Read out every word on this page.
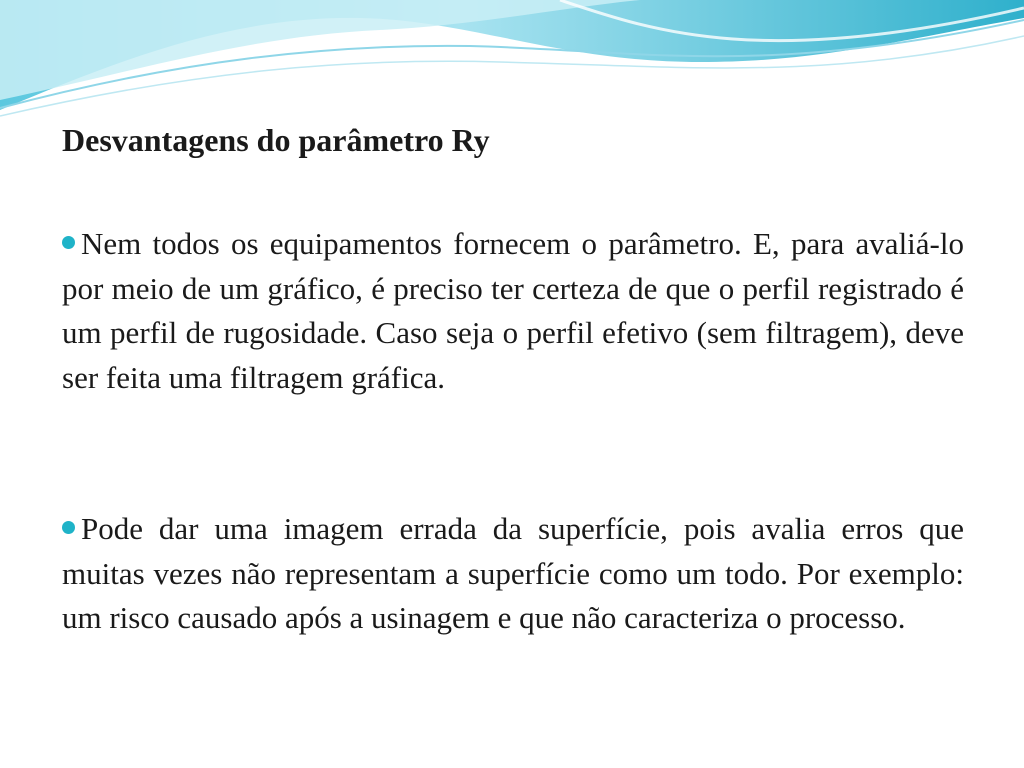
Desvantagens do parâmetro Ry

Nem todos os equipamentos fornecem o parâmetro. E, para avaliá-lo por meio de um gráfico, é preciso ter certeza de que o perfil registrado é um perfil de rugosidade. Caso seja o perfil efetivo (sem filtragem), deve ser feita uma filtragem gráfica.

Pode dar uma imagem errada da superfície, pois avalia erros que muitas vezes não representam a superfície como um todo. Por exemplo: um risco causado após a usinagem e que não caracteriza o processo.
